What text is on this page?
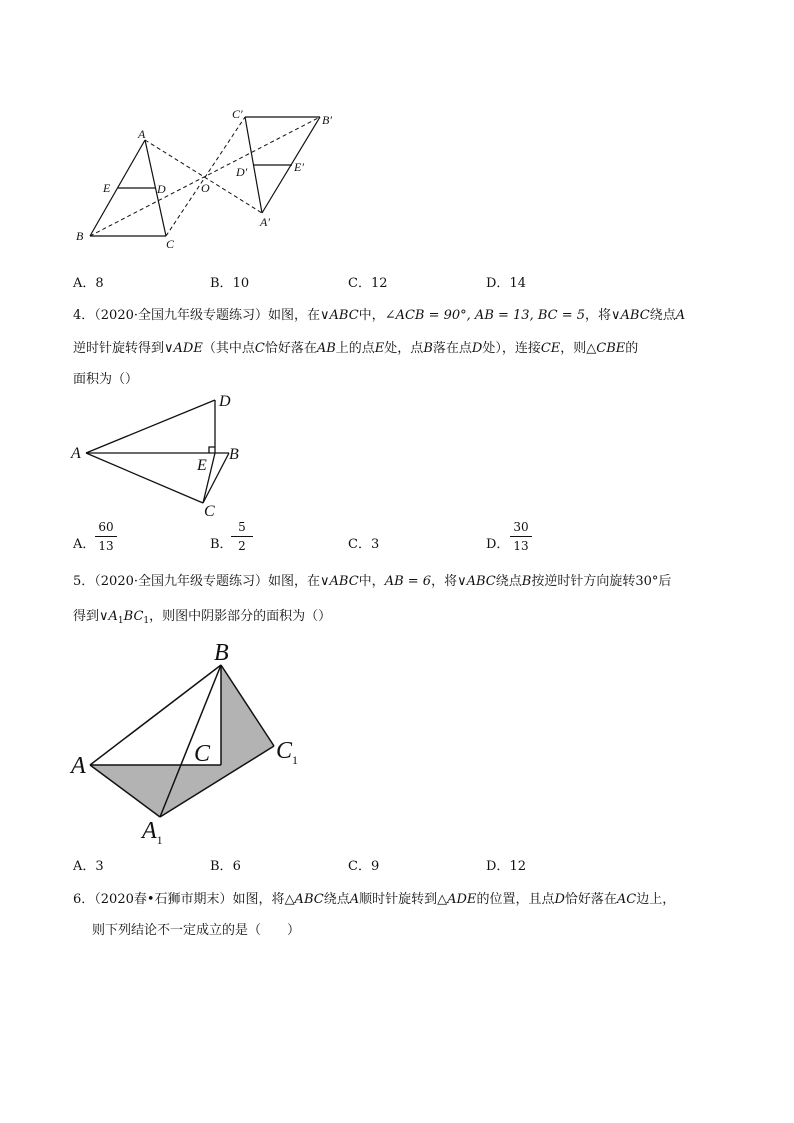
A
B
C
D
E	O
A′
B′
C′
D′	E′
A．8	B．10	C．12	D．14
4．（2020·全国九年级专题练习）如图，在∨ABC中，∠ACB = 90°, AB = 13, BC = 5，将∨ABC绕点A
逆时针旋转得到∨ADE（其中点C恰好落在AB上的点E处，点B落在点D处），连接CE，则△CBE的
面积为（）
A	B
C
D
E
A． $\frac{60}{13}$	B．
$\frac{5}{2}$	C．3	D． $\frac{30}{13}$
5．（2020·全国九年级专题练习）如图，在∨ABC中，AB = 6，将∨ABC绕点B按逆时针方向旋转30°后
得到$\vee A_1BC_1$，则图中阴影部分的面积为（）
B
A	C	$C_1$
$A_1$
A．3	B．6	C．9	D．12
6．（2020春•石狮市期末）如图，将△ABC绕点A顺时针旋转到△ADE的位置，且点D恰好落在AC边上，
则下列结论不一定成立的是（　　）
